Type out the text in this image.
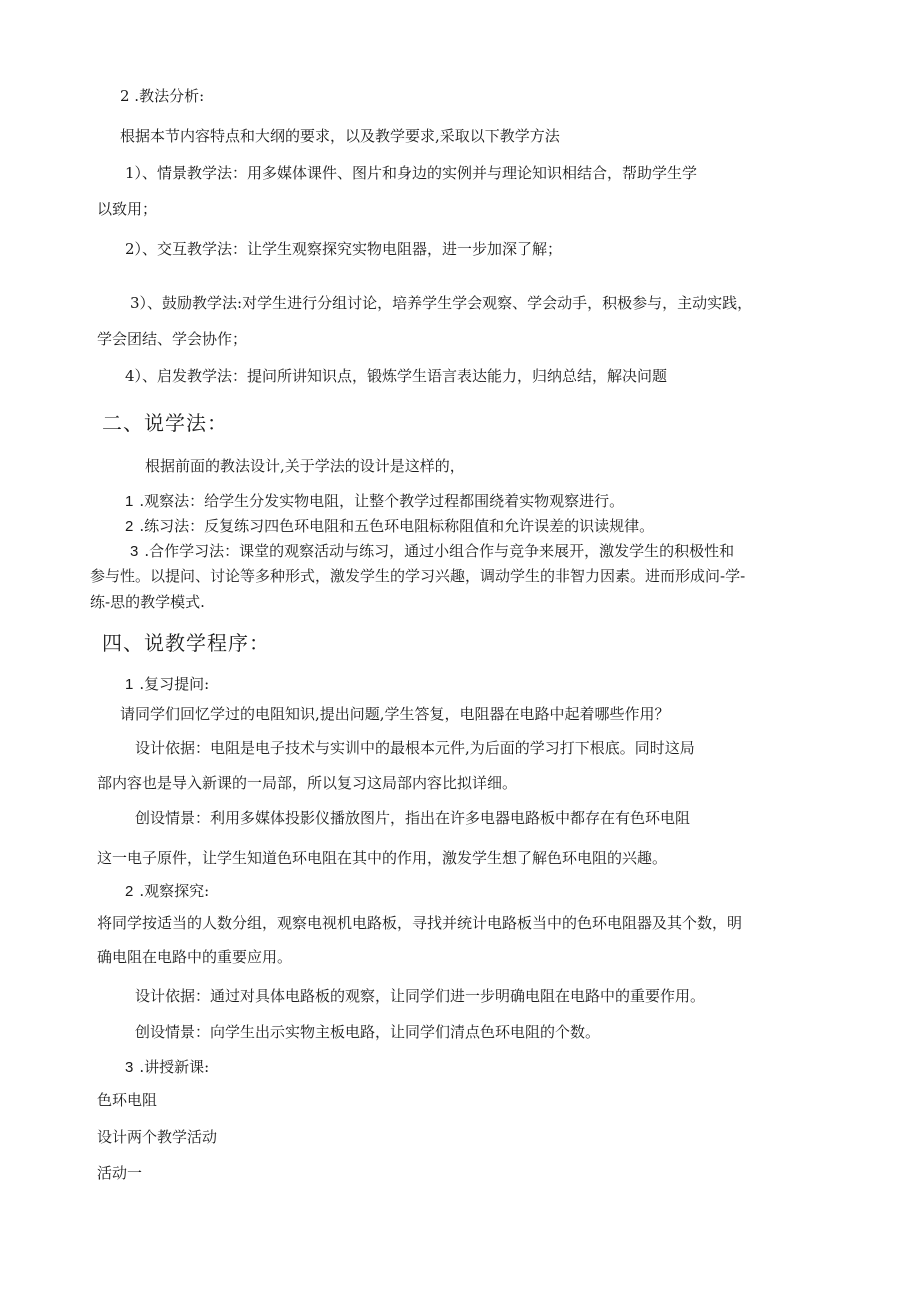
2 .教法分析:
根据本节内容特点和大纲的要求，以及教学要求,采取以下教学方法
1）、情景教学法：用多媒体课件、图片和身边的实例并与理论知识相结合，帮助学生学
以致用；
2）、交互教学法：让学生观察探究实物电阻器，进一步加深了解；
3）、鼓励教学法:对学生进行分组讨论，培养学生学会观察、学会动手，积极参与，主动实践，
学会团结、学会协作；
4）、启发教学法：提问所讲知识点，锻炼学生语言表达能力，归纳总结，解决问题
二、说学法：
根据前面的教法设计,关于学法的设计是这样的，
1 .观察法：给学生分发实物电阻，让整个教学过程都围绕着实物观察进行。
2 .练习法：反复练习四色环电阻和五色环电阻标称阻值和允许误差的识读规律。
3 .合作学习法：课堂的观察活动与练习，通过小组合作与竞争来展开，激发学生的积极性和
参与性。以提问、讨论等多种形式，激发学生的学习兴趣，调动学生的非智力因素。进而形成问-学-
练-思的教学模式.
四、说教学程序：
1 .复习提问:
请同学们回忆学过的电阻知识,提出问题,学生答复，电阻器在电路中起着哪些作用？
设计依据：电阻是电子技术与实训中的最根本元件,为后面的学习打下根底。同时这局
部内容也是导入新课的一局部，所以复习这局部内容比拟详细。
创设情景：利用多媒体投影仪播放图片，指出在许多电器电路板中都存在有色环电阻
这一电子原件，让学生知道色环电阻在其中的作用，激发学生想了解色环电阻的兴趣。
2 .观察探究:
将同学按适当的人数分组，观察电视机电路板，寻找并统计电路板当中的色环电阻器及其个数，明
确电阻在电路中的重要应用。
设计依据：通过对具体电路板的观察，让同学们进一步明确电阻在电路中的重要作用。
创设情景：向学生出示实物主板电路，让同学们清点色环电阻的个数。
3 .讲授新课:
色环电阻
设计两个教学活动
活动一
